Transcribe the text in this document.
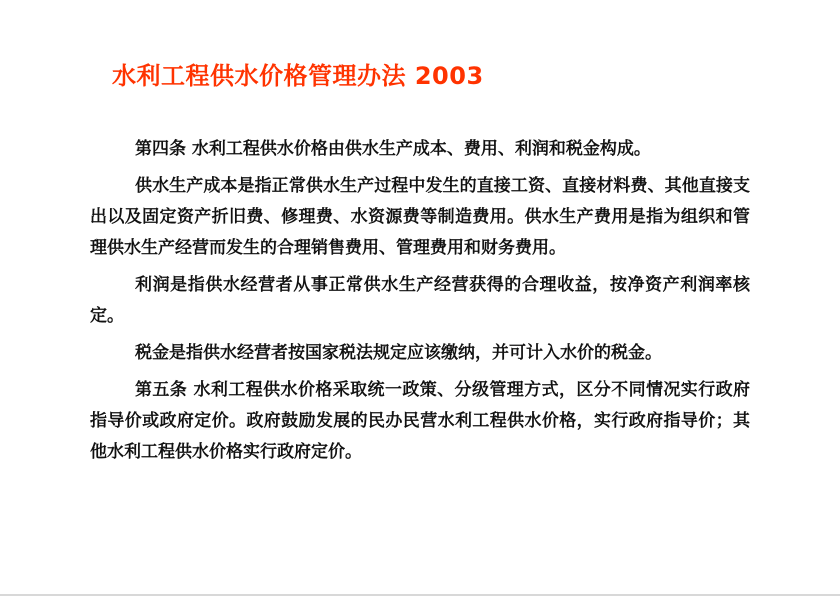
水利工程供水价格管理办法 2003

第四条 水利工程供水价格由供水生产成本、费用、利润和税金构成。

供水生产成本是指正常供水生产过程中发生的直接工资、直接材料费、其他直接支出以及固定资产折旧费、修理费、水资源费等制造费用。供水生产费用是指为组织和管理供水生产经营而发生的合理销售费用、管理费用和财务费用。

利润是指供水经营者从事正常供水生产经营获得的合理收益，按净资产利润率核定。

税金是指供水经营者按国家税法规定应该缴纳，并可计入水价的税金。

第五条 水利工程供水价格采取统一政策、分级管理方式，区分不同情况实行政府指导价或政府定价。政府鼓励发展的民办民营水利工程供水价格，实行政府指导价；其他水利工程供水价格实行政府定价。
